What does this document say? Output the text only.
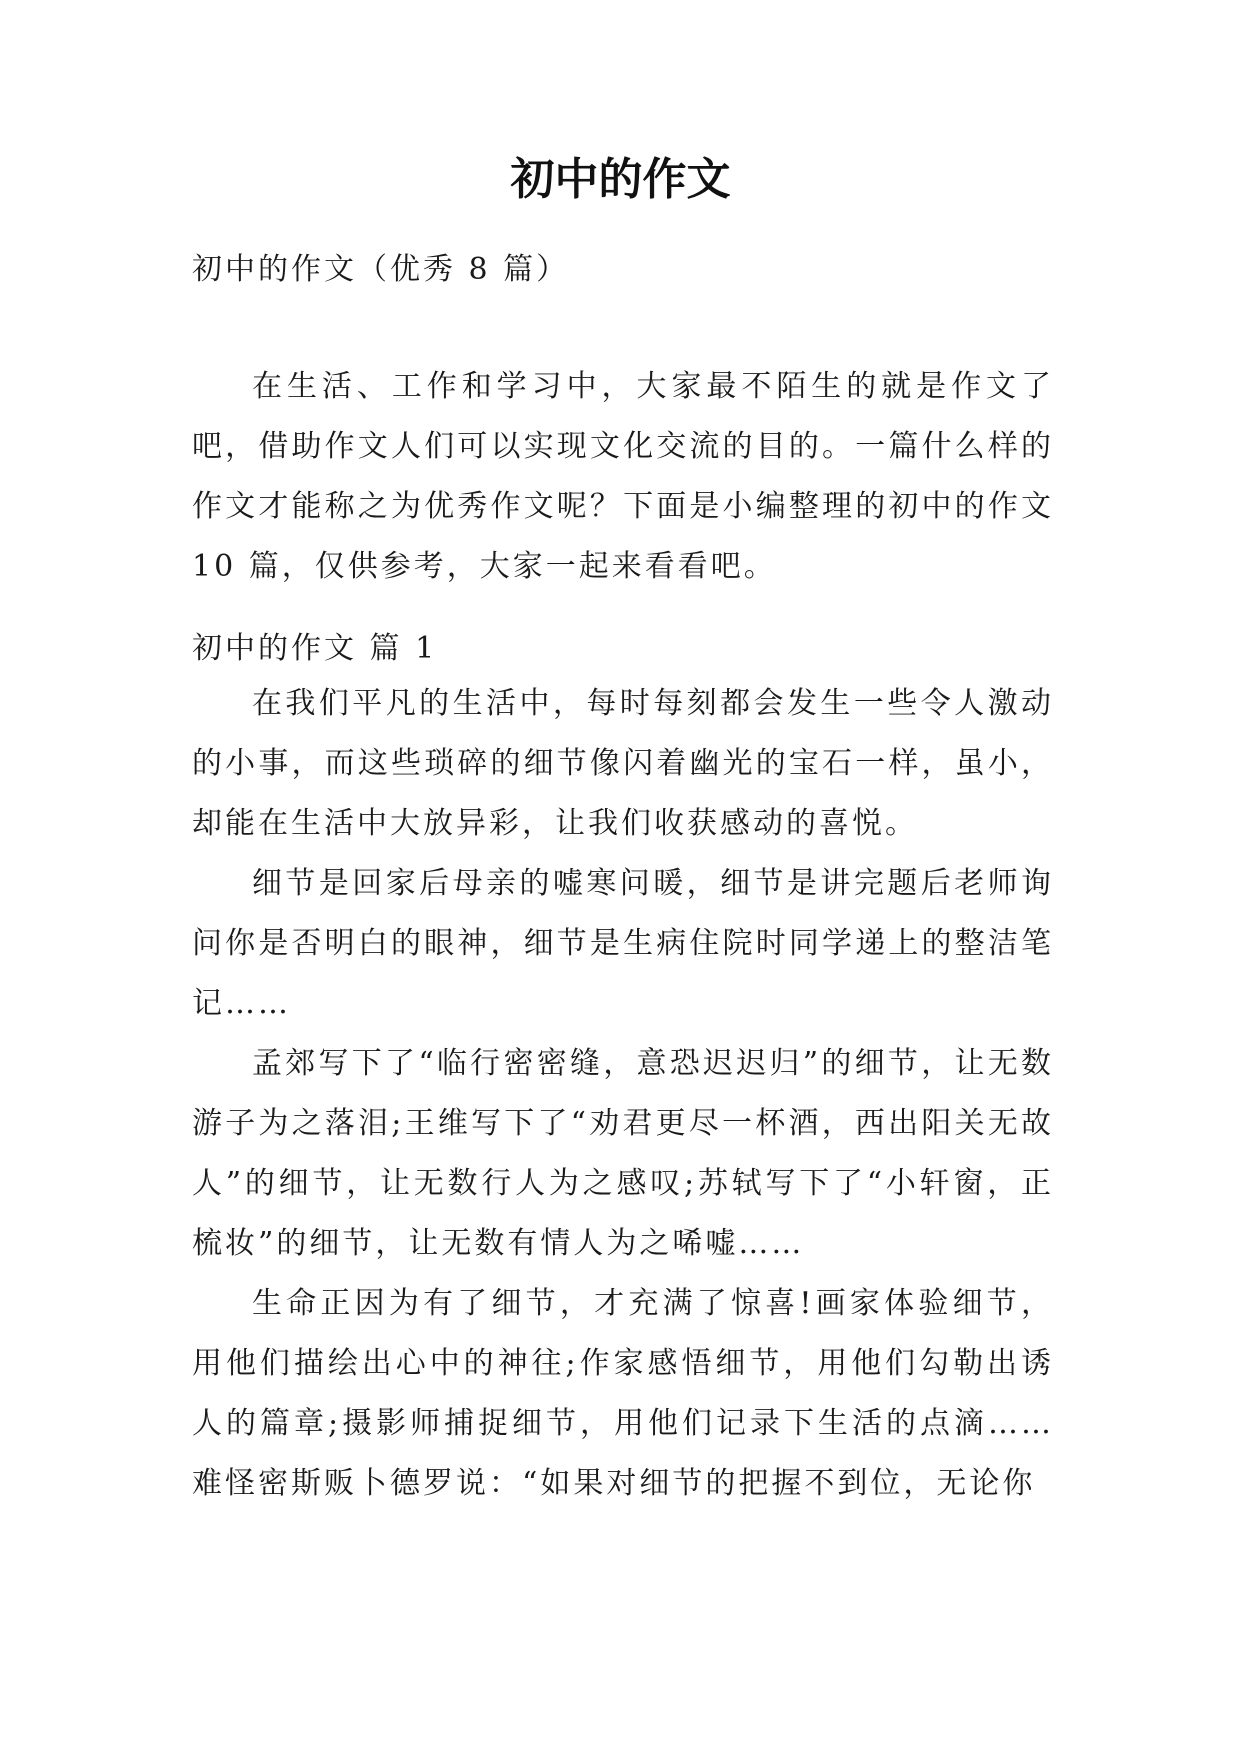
初中的作文

初中的作文（优秀 8 篇）

在生活、工作和学习中，大家最不陌生的就是作文了吧，借助作文人们可以实现文化交流的目的。一篇什么样的作文才能称之为优秀作文呢？下面是小编整理的初中的作文 10 篇，仅供参考，大家一起来看看吧。

初中的作文 篇 1

在我们平凡的生活中，每时每刻都会发生一些令人激动的小事，而这些琐碎的细节像闪着幽光的宝石一样，虽小，却能在生活中大放异彩，让我们收获感动的喜悦。

细节是回家后母亲的嘘寒问暖，细节是讲完题后老师询问你是否明白的眼神，细节是生病住院时同学递上的整洁笔记……

孟郊写下了“临行密密缝，意恐迟迟归”的细节，让无数游子为之落泪;王维写下了“劝君更尽一杯酒，西出阳关无故人”的细节，让无数行人为之感叹;苏轼写下了“小轩窗，正梳妆”的细节，让无数有情人为之唏嘘……

生命正因为有了细节，才充满了惊喜!画家体验细节，用他们描绘出心中的神往;作家感悟细节，用他们勾勒出诱人的篇章;摄影师捕捉细节，用他们记录下生活的点滴……难怪密斯贩卜德罗说：“如果对细节的把握不到位，无论你
